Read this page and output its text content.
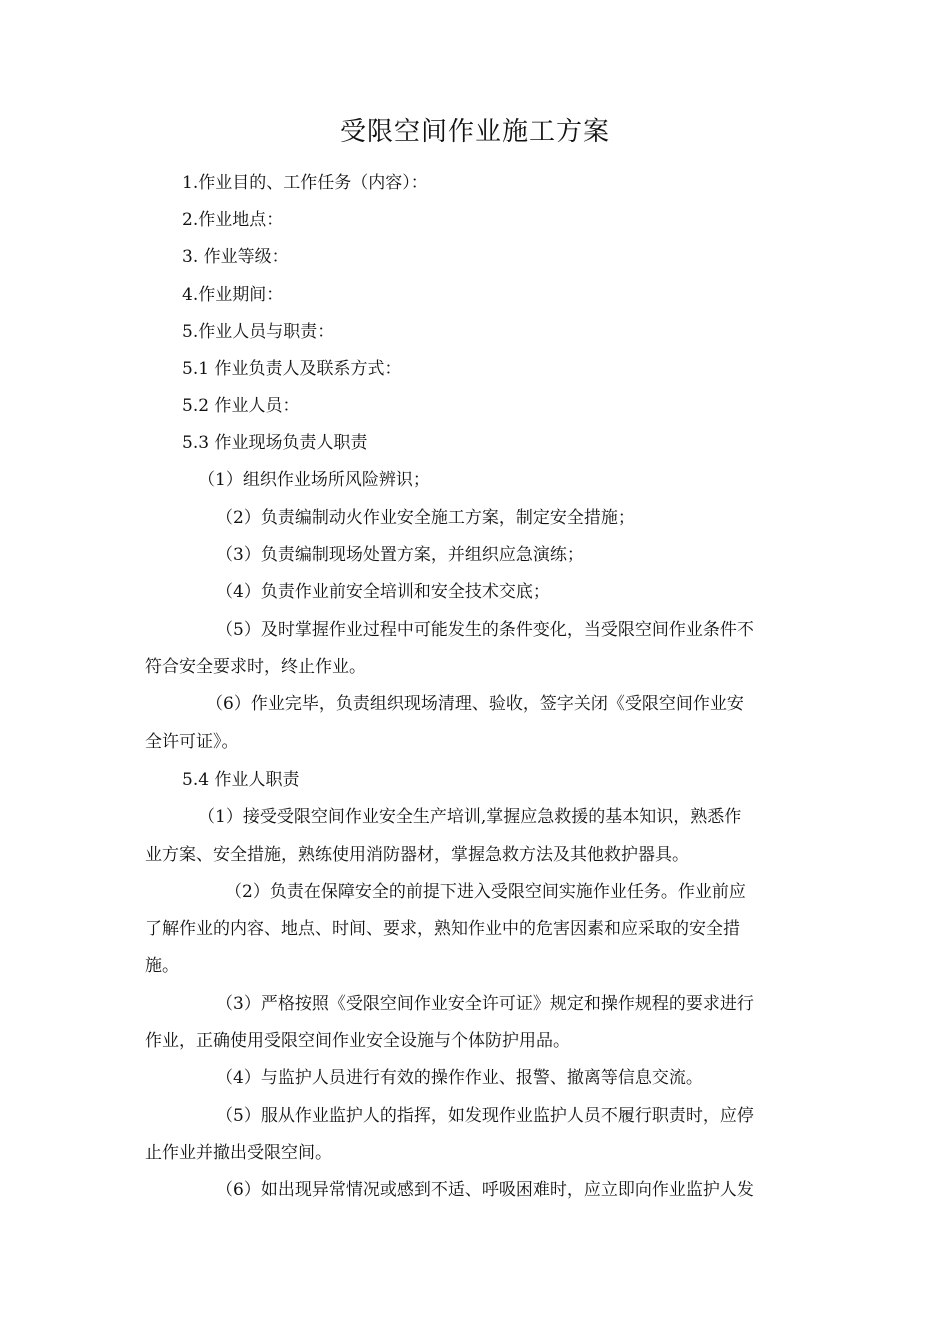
受限空间作业施工方案
1.作业目的、工作任务（内容）：
2.作业地点：
3. 作业等级：
4.作业期间：
5.作业人员与职责：
5.1 作业负责人及联系方式：
5.2 作业人员：
5.3 作业现场负责人职责
（1）组织作业场所风险辨识；
（2）负责编制动火作业安全施工方案，制定安全措施；
（3）负责编制现场处置方案，并组织应急演练；
（4）负责作业前安全培训和安全技术交底；
（5）及时掌握作业过程中可能发生的条件变化，当受限空间作业条件不
符合安全要求时，终止作业。
（6）作业完毕，负责组织现场清理、验收，签字关闭《受限空间作业安
全许可证》。
5.4 作业人职责
（1）接受受限空间作业安全生产培训,掌握应急救援的基本知识，熟悉作
业方案、安全措施，熟练使用消防器材，掌握急救方法及其他救护器具。
（2）负责在保障安全的前提下进入受限空间实施作业任务。作业前应
了解作业的内容、地点、时间、要求，熟知作业中的危害因素和应采取的安全措
施。
（3）严格按照《受限空间作业安全许可证》规定和操作规程的要求进行
作业，正确使用受限空间作业安全设施与个体防护用品。
（4）与监护人员进行有效的操作作业、报警、撤离等信息交流。
（5）服从作业监护人的指挥，如发现作业监护人员不履行职责时，应停
止作业并撤出受限空间。
（6）如出现异常情况或感到不适、呼吸困难时，应立即向作业监护人发
